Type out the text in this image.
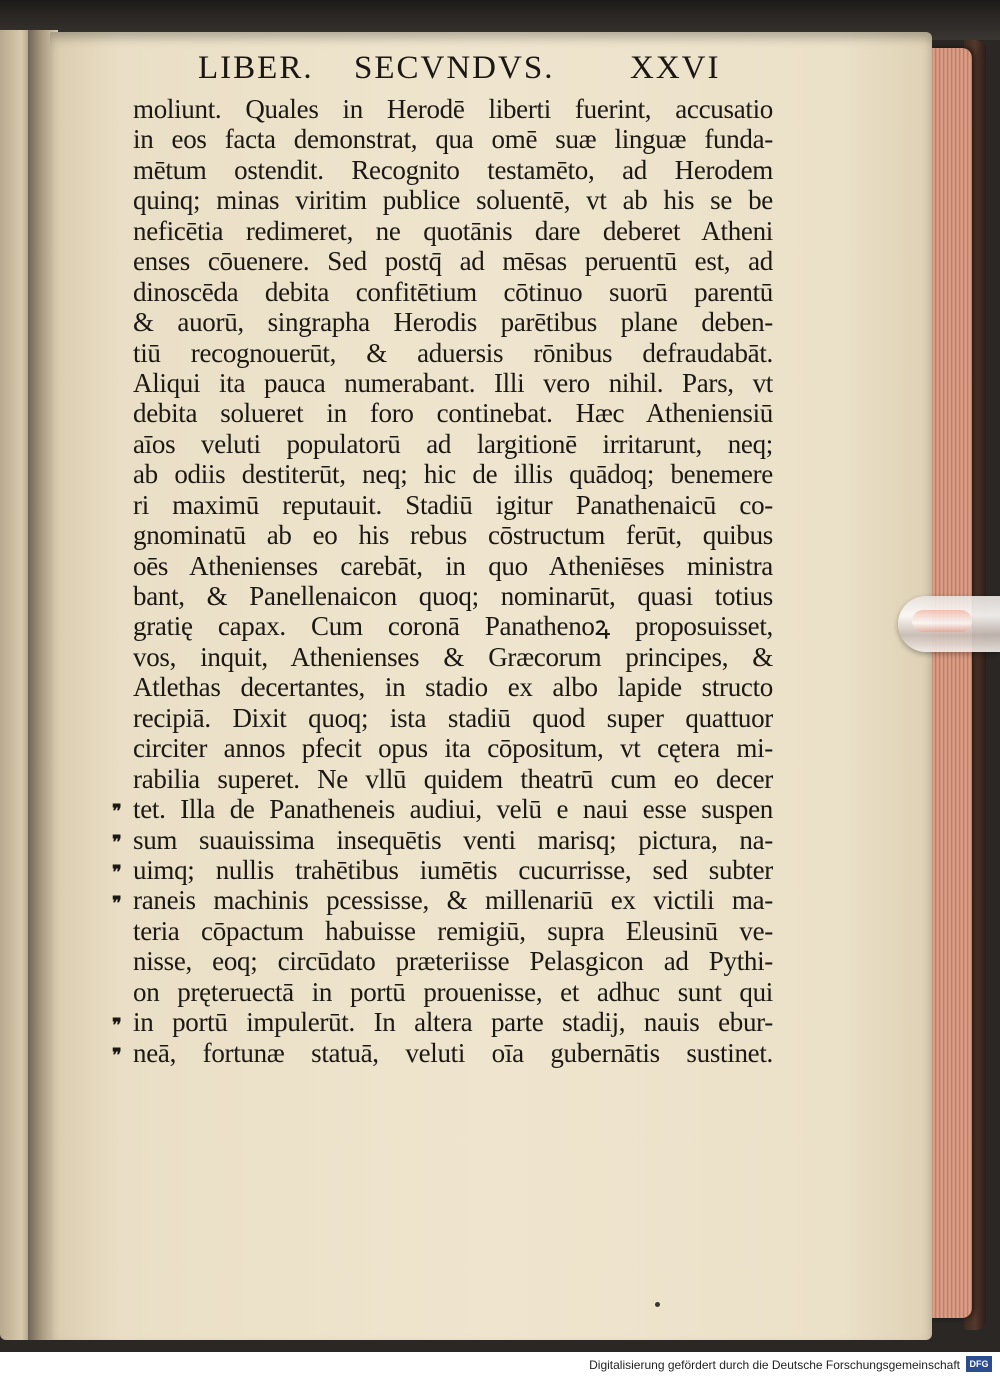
LIBER. SECVNDVS. XXVI
moliunt. Quales in Herodē liberti fuerint, accusatio
in eos facta demonstrat, qua omē suæ linguæ funda-
mētum ostendit. Recognito testamēto, ad Herodem
quinq; minas viritim publice soluentē, vt ab his se be
neficētia redimeret, ne quotānis dare deberet Atheni
enses cōuenere. Sed postq̄ ad mēsas peruentū est, ad
dinoscēda debita confitētium cōtinuo suorū parentū
& auorū, singrapha Herodis parētibus plane deben-
tiū recognouerūt, & aduersis rōnibus defraudabāt.
Aliqui ita pauca numerabant. Illi vero nihil. Pars, vt
debita solueret in foro continebat. Hæc Atheniensiū
aīos veluti populatorū ad largitionē irritarunt, neq;
ab odiis destiterūt, neq; hic de illis quādoq; benemere
ri maximū reputauit. Stadiū igitur Panathenaicū co-
gnominatū ab eo his rebus cōstructum ferūt, quibus
oēs Athenienses carebāt, in quo Atheniēses ministra
bant, & Panellenaicon quoq; nominarūt, quasi totius
gratię capax. Cum coronā Panathenoꝝ proposuisset,
vos, inquit, Athenienses & Græcorum principes, &
Atlethas decertantes, in stadio ex albo lapide structo
recipiā. Dixit quoq; ista stadiū quod super quattuor
circiter annos pfecit opus ita cōpositum, vt cętera mi-
rabilia superet. Ne vllū quidem theatrū cum eo decer
tet. Illa de Panatheneis audiui, velū e naui esse suspen
sum suauissima insequētis venti marisq; pictura, na-
uimq; nullis trahētibus iumētis cucurrisse, sed subter
raneis machinis pcessisse, & millenariū ex victili ma-
teria cōpactum habuisse remigiū, supra Eleusinū ve-
nisse, eoq; circūdato præteriisse Pelasgicon ad Pythi-
on pręteruectā in portū prouenisse, et adhuc sunt qui
in portū impulerūt. In altera parte stadij, nauis ebur-
neā, fortunæ statuā, veluti oīa gubernātis sustinet.
❞
❞
❞
❞
❞
❞
Digitalisierung gefördert durch die Deutsche Forschungsgemeinschaft	DFG
